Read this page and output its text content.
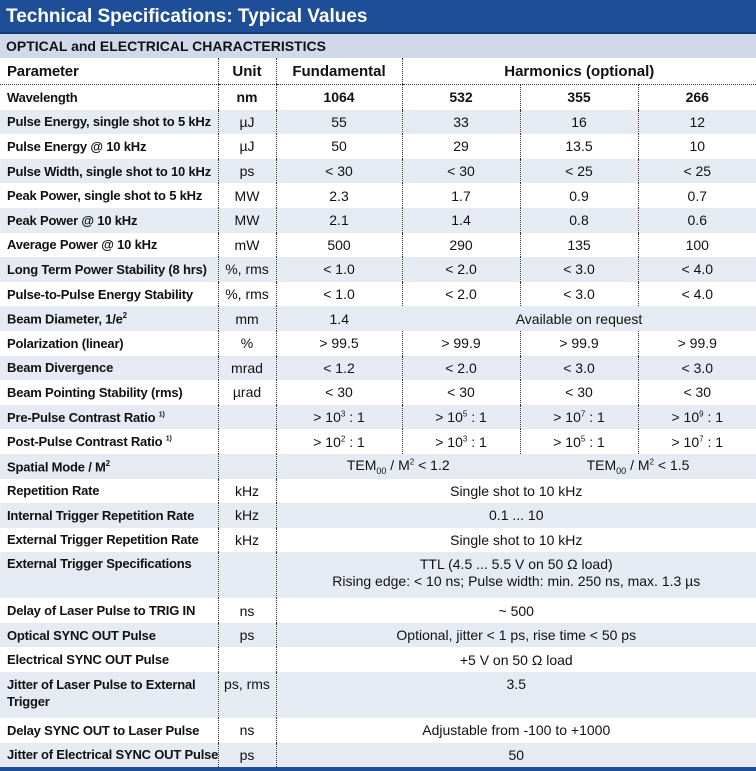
Technical Specifications: Typical Values
OPTICAL and ELECTRICAL CHARACTERISTICS
Parameter	Unit	Fundamental	Harmonics (optional)		
Wavelength	nm	1064	532	355	266
Pulse Energy, single shot to 5 kHz	µJ	55	33	16	12
Pulse Energy @ 10 kHz	µJ	50	29	13.5	10
Pulse Width, single shot to 10 kHz	ps	< 30	< 30	< 25	< 25
Peak Power, single shot to 5 kHz	MW	2.3	1.7	0.9	0.7
Peak Power @ 10 kHz	MW	2.1	1.4	0.8	0.6
Average Power @ 10 kHz	mW	500	290	135	100
Long Term Power Stability (8 hrs)	%, rms	< 1.0	< 2.0	< 3.0	< 4.0
Pulse-to-Pulse Energy Stability	%, rms	< 1.0	< 2.0	< 3.0	< 4.0
Beam Diameter, $1/e^2$	mm	1.4	Available on request		
Polarization (linear)	%	> 99.5	> 99.9	> 99.9	> 99.9
Beam Divergence	mrad	< 1.2	< 2.0	< 3.0	< 3.0
Beam Pointing Stability (rms)	µrad	< 30	< 30	< 30	< 30
Pre-Pulse Contrast Ratio $^{1)}$		> $10^3$ : 1	> $10^5$ : 1	> $10^7$ : 1	> $10^9$ : 1
Post-Pulse Contrast Ratio $^{1)}$		> $10^2$ : 1	> $10^3$ : 1	> $10^5$ : 1	> $10^7$ : 1
Spatial Mode / $M^2$		$TEM_{00} / M^2 < 1.2$		$TEM_{00} / M^2 < 1.5$	
Repetition Rate	kHz	Single shot to 10 kHz			
Internal Trigger Repetition Rate	kHz	0.1 ... 10			
External Trigger Repetition Rate	kHz	Single shot to 10 kHz			
External Trigger Specifications		TTL (4.5 ... 5.5 V on 50 Ω load)
Rising edge: < 10 ns; Pulse width: min. 250 ns, max. 1.3 µs			

Delay of Laser Pulse to TRIG IN	ns	~ 500			
Optical SYNC OUT Pulse	ps	Optional, jitter < 1 ps, rise time < 50 ps			
Electrical SYNC OUT Pulse		+5 V on 50 Ω load			
Jitter of Laser Pulse to External Trigger	ps, rms	3.5			
Delay SYNC OUT to Laser Pulse	ns	Adjustable from -100 to +1000			
Jitter of Electrical SYNC OUT Pulse	ps	50			
